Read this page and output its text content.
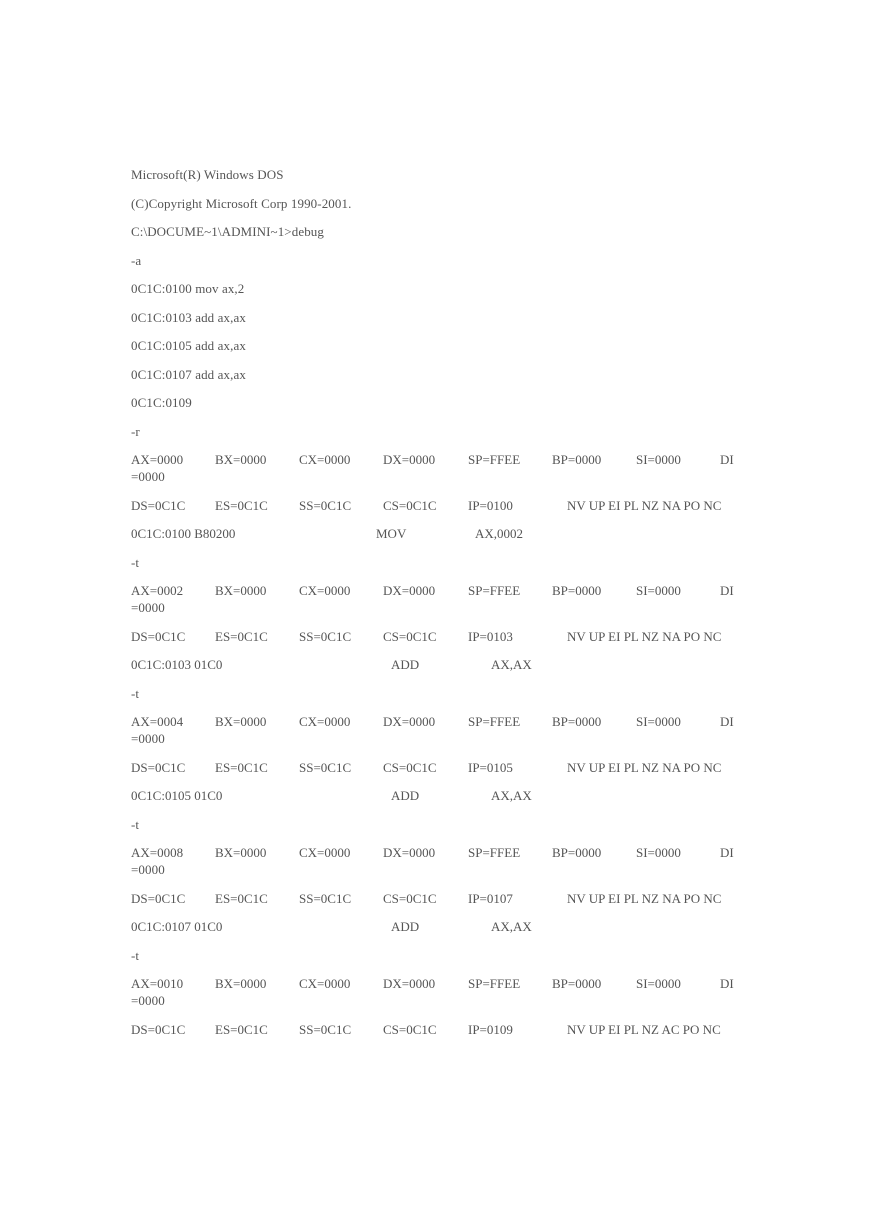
Microsoft(R) Windows DOS
(C)Copyright Microsoft Corp 1990-2001.
C:\DOCUME~1\ADMINI~1>debug
-a
0C1C:0100 mov ax,2
0C1C:0103 add ax,ax
0C1C:0105 add ax,ax
0C1C:0107 add ax,ax
0C1C:0109
-r
AX=0000 BX=0000	CX=0000	DX=0000	SP=FFEE BP=0000	SI=0000	DI
=0000
DS=0C1C ES=0C1C SS=0C1C CS=0C1C IP=0100	NV UP EI PL NZ NA PO NC
0C1C:0100 B80200	MOV	AX,0002
-t
AX=0002 BX=0000	CX=0000	DX=0000	SP=FFEE BP=0000	SI=0000	DI
=0000
DS=0C1C ES=0C1C SS=0C1C CS=0C1C IP=0103	NV UP EI PL NZ NA PO NC
0C1C:0103 01C0	ADD	AX,AX
-t
AX=0004 BX=0000	CX=0000	DX=0000	SP=FFEE BP=0000	SI=0000	DI
=0000
DS=0C1C ES=0C1C SS=0C1C CS=0C1C IP=0105	NV UP EI PL NZ NA PO NC
0C1C:0105 01C0	ADD	AX,AX
-t
AX=0008 BX=0000	CX=0000	DX=0000	SP=FFEE BP=0000	SI=0000	DI
=0000
DS=0C1C ES=0C1C SS=0C1C CS=0C1C IP=0107	NV UP EI PL NZ NA PO NC
0C1C:0107 01C0	ADD	AX,AX
-t
AX=0010 BX=0000	CX=0000	DX=0000	SP=FFEE BP=0000	SI=0000	DI
=0000
DS=0C1C ES=0C1C SS=0C1C CS=0C1C IP=0109	NV UP EI PL NZ AC PO NC
